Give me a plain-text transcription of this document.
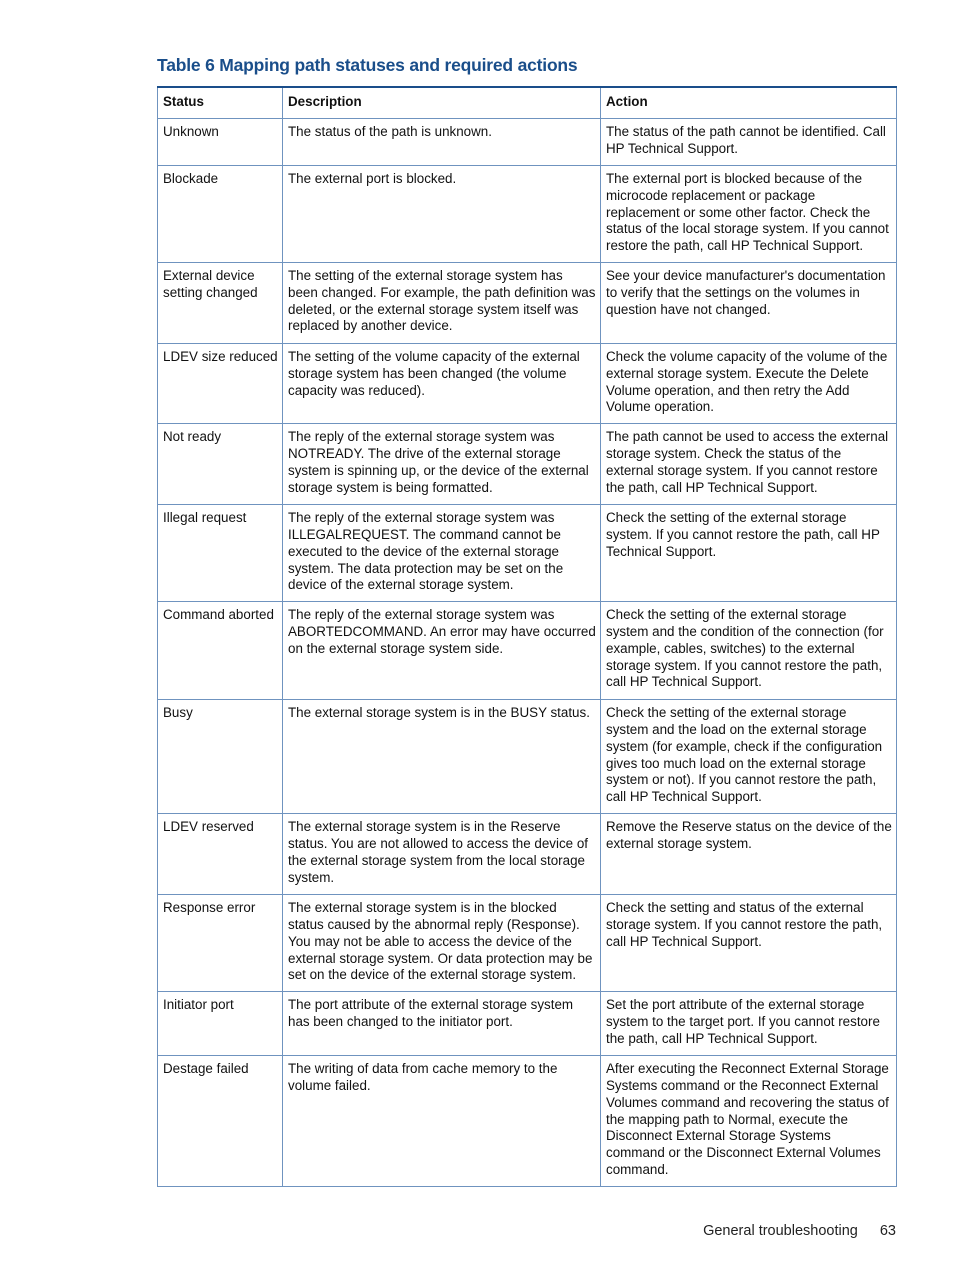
Table 6 Mapping path statuses and required actions
Status	Description	Action
Unknown	The status of the path is unknown.	The status of the path cannot be identified. Call HP Technical Support.
Blockade	The external port is blocked.	The external port is blocked because of the microcode replacement or package replacement or some other factor. Check the status of the local storage system. If you cannot restore the path, call HP Technical Support.
External device setting changed	The setting of the external storage system has been changed. For example, the path definition was deleted, or the external storage system itself was replaced by another device.	See your device manufacturer's documentation to verify that the settings on the volumes in question have not changed.
LDEV size reduced	The setting of the volume capacity of the external storage system has been changed (the volume capacity was reduced).	Check the volume capacity of the volume of the external storage system. Execute the Delete Volume operation, and then retry the Add Volume operation.
Not ready	The reply of the external storage system was NOTREADY. The drive of the external storage system is spinning up, or the device of the external storage system is being formatted.	The path cannot be used to access the external storage system. Check the status of the external storage system. If you cannot restore the path, call HP Technical Support.
Illegal request	The reply of the external storage system was ILLEGALREQUEST. The command cannot be executed to the device of the external storage system. The data protection may be set on the device of the external storage system.	Check the setting of the external storage system. If you cannot restore the path, call HP Technical Support.
Command aborted	The reply of the external storage system was ABORTEDCOMMAND. An error may have occurred on the external storage system side.	Check the setting of the external storage system and the condition of the connection (for example, cables, switches) to the external storage system. If you cannot restore the path, call HP Technical Support.
Busy	The external storage system is in the BUSY status.	Check the setting of the external storage system and the load on the external storage system (for example, check if the configuration gives too much load on the external storage system or not). If you cannot restore the path, call HP Technical Support.
LDEV reserved	The external storage system is in the Reserve status. You are not allowed to access the device of the external storage system from the local storage system.	Remove the Reserve status on the device of the external storage system.
Response error	The external storage system is in the blocked status caused by the abnormal reply (Response). You may not be able to access the device of the external storage system. Or data protection may be set on the device of the external storage system.	Check the setting and status of the external storage system. If you cannot restore the path, call HP Technical Support.
Initiator port	The port attribute of the external storage system has been changed to the initiator port.	Set the port attribute of the external storage system to the target port. If you cannot restore the path, call HP Technical Support.
Destage failed	The writing of data from cache memory to the volume failed.	After executing the Reconnect External Storage Systems command or the Reconnect External Volumes command and recovering the status of the mapping path to Normal, execute the Disconnect External Storage Systems command or the Disconnect External Volumes command.
General troubleshooting 63
